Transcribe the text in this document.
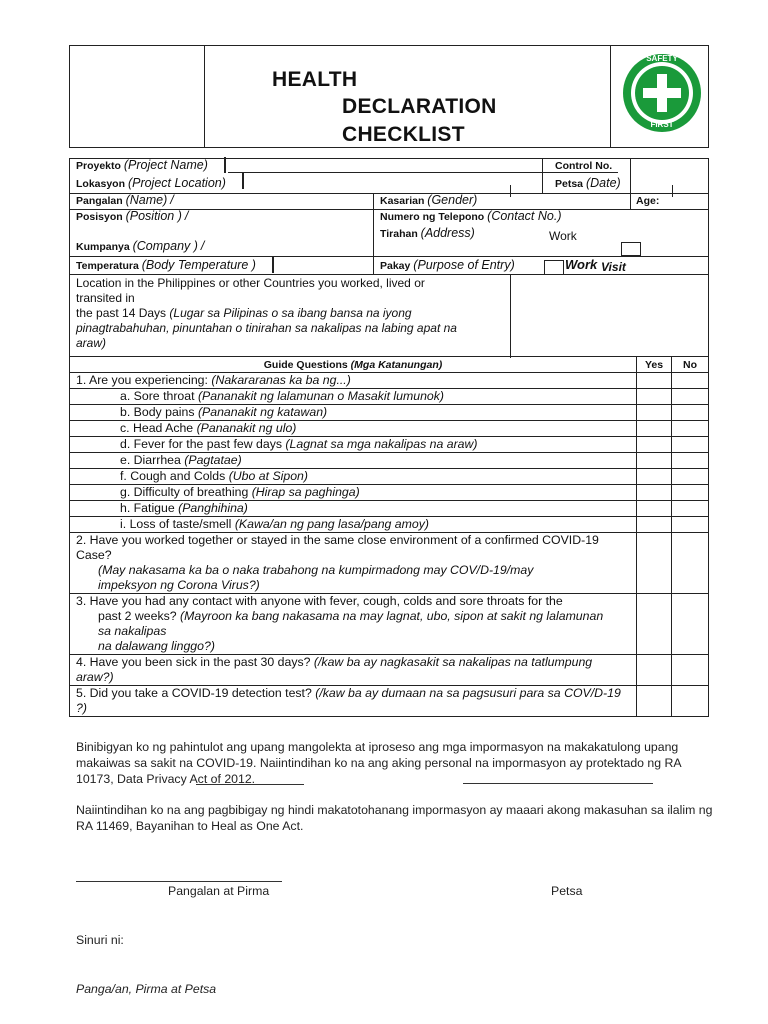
HEALTH
DECLARATION
CHECKLIST
SAFETY
FIRST
Proyekto (Project Name)	Control No.
Lokasyon (Project Location)	Petsa (Date)
Pangalan (Name) /	Kasarian (Gender)	Age:
Posisyon (Position ) /	Numero ng Telepono (Contact No.)
Tirahan (Address)	Work
Kumpanya (Company ) /
Temperatura (Body Temperature )	Pakay (Purpose of Entry)	Work Visit
Location in the Philippines or other Countries you worked, lived or
transited in
the past 14 Days (Lugar sa Pilipinas o sa ibang bansa na iyong
pinagtrabahuhan, pinuntahan o tinirahan sa nakalipas na labing apat na
araw)
Guide Questions (Mga Katanungan)	Yes	No
1. Are you experiencing: (Nakararanas ka ba ng...)		
a. Sore throat (Pananakit ng lalamunan o Masakit lumunok)		
b. Body pains (Pananakit ng katawan)		
c. Head Ache (Pananakit ng ulo)		
d. Fever for the past few days (Lagnat sa mga nakalipas na araw)		
e. Diarrhea (Pagtatae)		
f. Cough and Colds (Ubo at Sipon)		
g. Difficulty of breathing (Hirap sa paghinga)		
h. Fatigue (Panghihina)		
i. Loss of taste/smell (Kawa/an ng pang lasa/pang amoy)		

2. Have you worked together or stayed in the same close environment of a confirmed COVID-19
Case?
(May nakasama ka ba o naka trabahong na kumpirmadong may COV/D-19/may
impeksyon ng Corona Virus?)		

3. Have you had any contact with anyone with fever, cough, colds and sore throats for the
past 2 weeks? (Mayroon ka bang nakasama na may lagnat, ubo, sipon at sakit ng lalamunan
sa nakalipas
na dalawang linggo?)		

4. Have you been sick in the past 30 days? (/kaw ba ay nagkasakit sa nakalipas na tatlumpung
araw?)		

5. Did you take a COVID-19 detection test? (/kaw ba ay dumaan na sa pagsusuri para sa COV/D-19
?)		

Binibigyan ko ng pahintulot ang upang mangolekta at iproseso ang mga impormasyon na makakatulong upang
makaiwas sa sakit na COVID-19. Naiintindihan ko na ang aking personal na impormasyon ay protektado ng RA
10173, Data Privacy Act of 2012.
Naiintindihan ko na ang pagbibigay ng hindi makatotohanang impormasyon ay maaari akong makasuhan sa ilalim ng
RA 11469, Bayanihan to Heal as One Act.
Pangalan at Pirma	Petsa
Sinuri ni:
Panga/an, Pirma at Petsa
